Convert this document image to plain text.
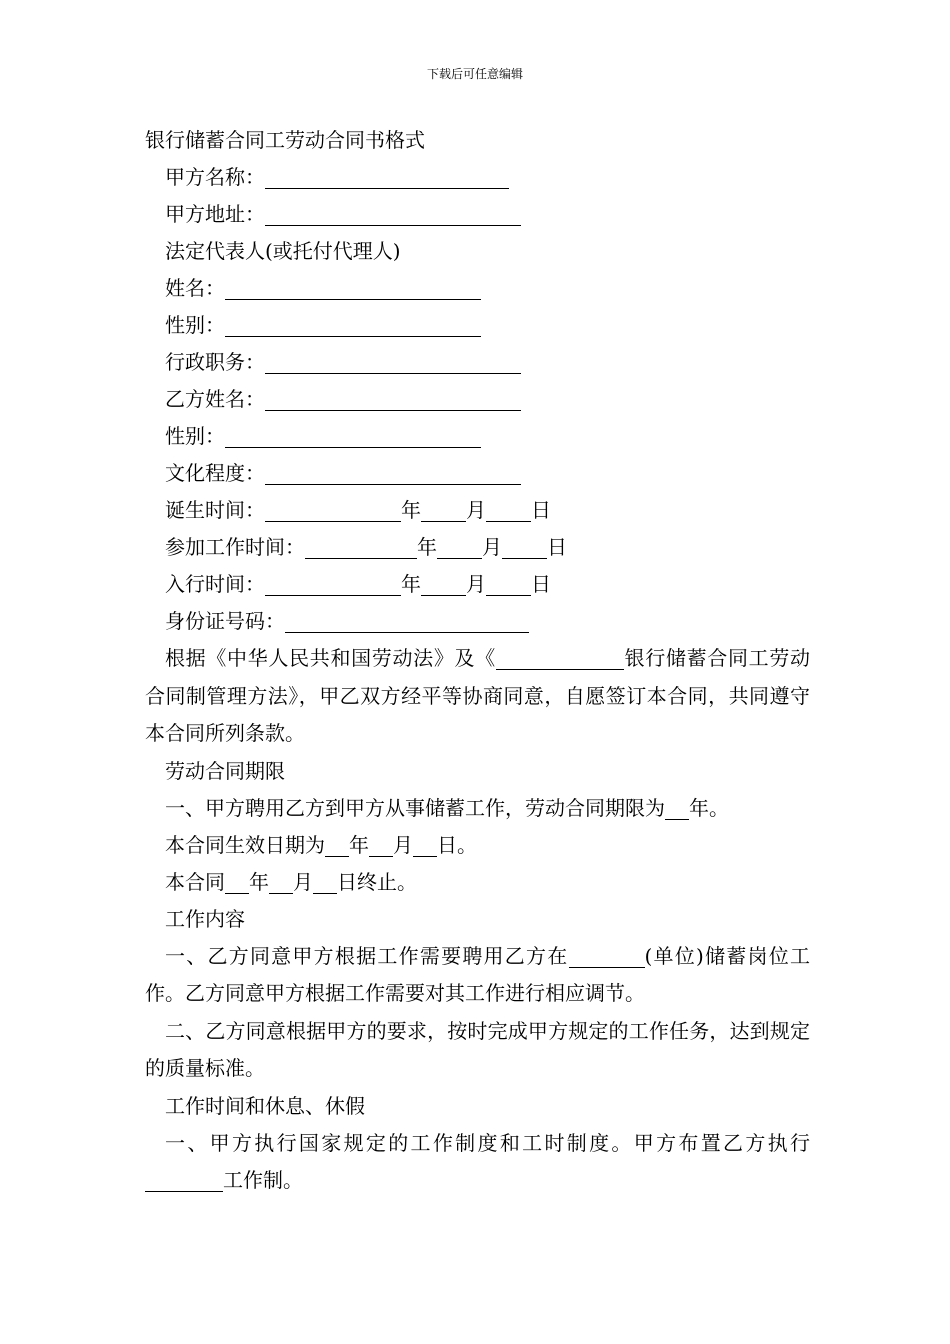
下载后可任意编辑
银行储蓄合同工劳动合同书格式
甲方名称：
甲方地址：
法定代表人(或托付代理人)
姓名：
性别：
行政职务：
乙方姓名：
性别：
文化程度：
诞生时间：	年 月 日
参加工作时间：	年 月 日
入行时间：	年 月 日
身份证号码：
根据《中华人民共和国劳动法》及《	银行储蓄合同工劳动合同制管理方法》，甲乙双方经平等协商同意，自愿签订本合同，共同遵守本合同所列条款。
劳动合同期限
一、甲方聘用乙方到甲方从事储蓄工作，劳动合同期限为 年。
本合同生效日期为 年 月 日。
本合同 年 月 日终止。
工作内容
一、乙方同意甲方根据工作需要聘用乙方在	(单位)储蓄岗位工作。乙方同意甲方根据工作需要对其工作进行相应调节。
二、乙方同意根据甲方的要求，按时完成甲方规定的工作任务，达到规定的质量标准。
工作时间和休息、休假
一、甲方执行国家规定的工作制度和工时制度。甲方布置乙方执行工作制。
